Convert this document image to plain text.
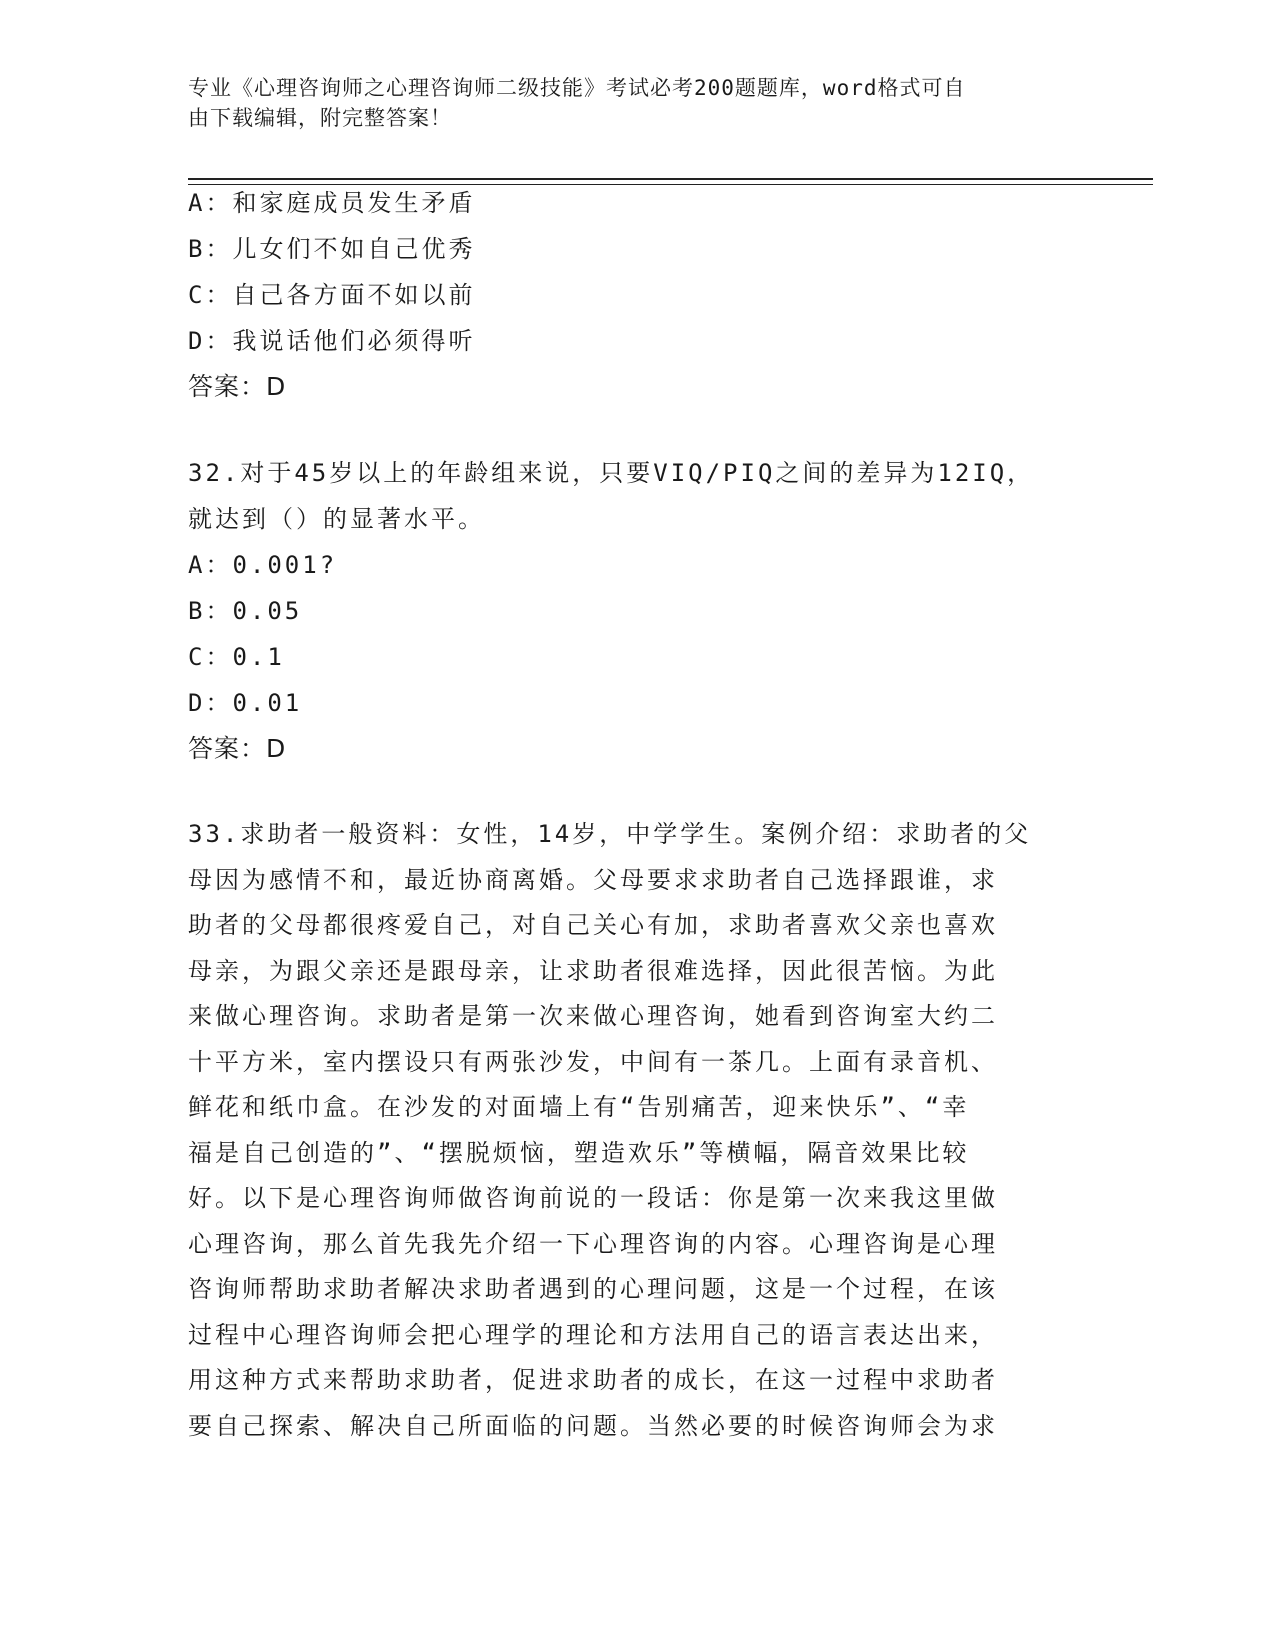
专业《心理咨询师之心理咨询师二级技能》考试必考200题题库，word格式可自
由下载编辑，附完整答案！
A：和家庭成员发生矛盾
B：儿女们不如自己优秀
C：自己各方面不如以前
D：我说话他们必须得听
答案：D
32.对于45岁以上的年龄组来说，只要VIQ/PIQ之间的差异为12IQ，
就达到（）的显著水平。
A：0.001?
B：0.05
C：0.1
D：0.01
答案：D
33.求助者一般资料：女性，14岁，中学学生。案例介绍：求助者的父
母因为感情不和，最近协商离婚。父母要求求助者自己选择跟谁，求
助者的父母都很疼爱自己，对自己关心有加，求助者喜欢父亲也喜欢
母亲，为跟父亲还是跟母亲，让求助者很难选择，因此很苦恼。为此
来做心理咨询。求助者是第一次来做心理咨询，她看到咨询室大约二
十平方米，室内摆设只有两张沙发，中间有一茶几。上面有录音机、
鲜花和纸巾盒。在沙发的对面墙上有“告别痛苦，迎来快乐”、“幸
福是自己创造的”、“摆脱烦恼，塑造欢乐”等横幅，隔音效果比较
好。以下是心理咨询师做咨询前说的一段话：你是第一次来我这里做
心理咨询，那么首先我先介绍一下心理咨询的内容。心理咨询是心理
咨询师帮助求助者解决求助者遇到的心理问题，这是一个过程，在该
过程中心理咨询师会把心理学的理论和方法用自己的语言表达出来，
用这种方式来帮助求助者，促进求助者的成长，在这一过程中求助者
要自己探索、解决自己所面临的问题。当然必要的时候咨询师会为求
